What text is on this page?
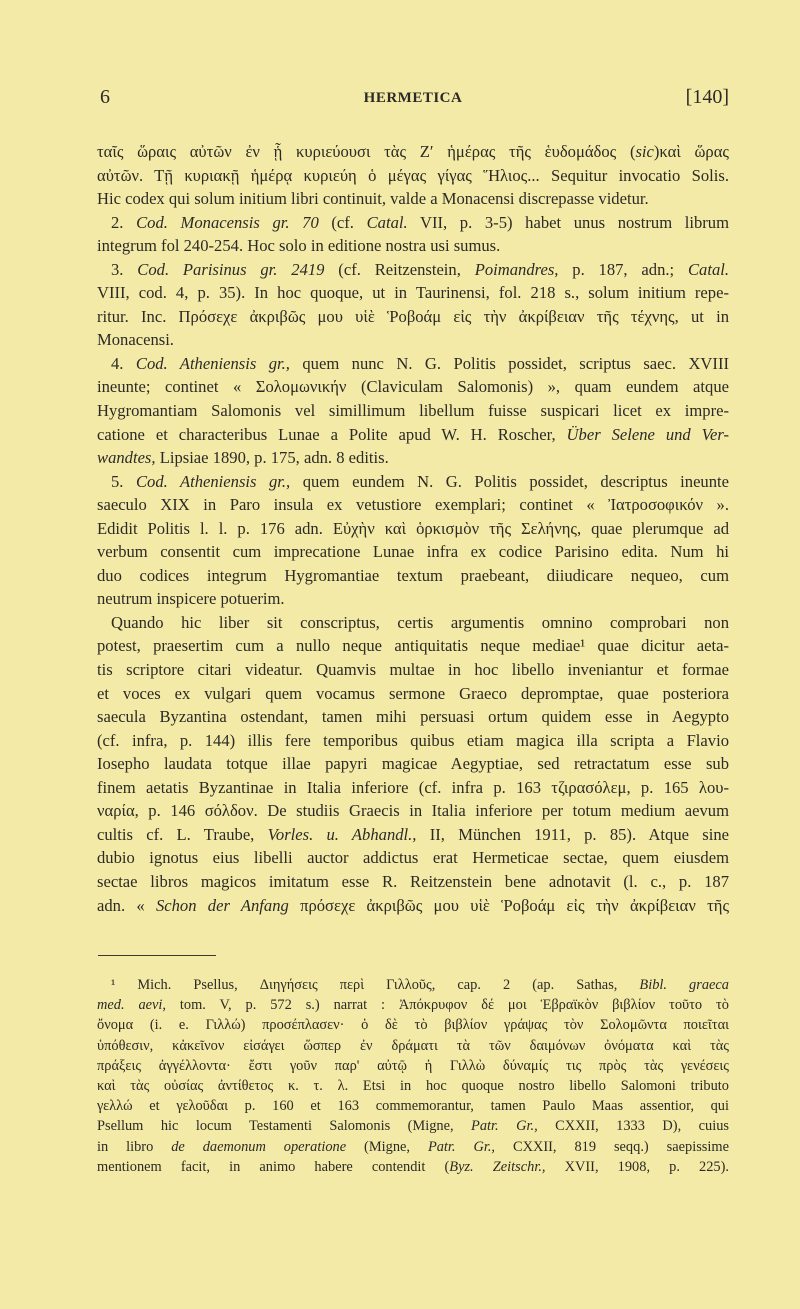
6	HERMETICA	[140]
ταῖς ὥραις αὐτῶν ἐν ᾗ κυριεύουσι τὰς Ζ′ ἡμέρας τῆς ἑυδομάδος (sic)καὶ ὥρας
αὐτῶν. Τῇ κυριακῇ ἡμέρᾳ κυριεύη ὁ μέγας γίγας Ἥλιος... Sequitur invocatio Solis.
Hic codex qui solum initium libri continuit, valde a Monacensi discrepasse videtur.
2. Cod. Monacensis gr. 70 (cf. Catal. VII, p. 3-5) habet unus nostrum librum
integrum fol 240-254. Hoc solo in editione nostra usi sumus.
3. Cod. Parisinus gr. 2419 (cf. Reitzenstein, Poimandres, p. 187, adn.; Catal.
VIII, cod. 4, p. 35). In hoc quoque, ut in Taurinensi, fol. 218 s., solum initium repe-
ritur. Inc. Πρόσεχε ἀκριβῶς μου υἱὲ Ῥοβοάμ εἰς τὴν ἀκρίβειαν τῆς τέχνης, ut in
Monacensi.
4. Cod. Atheniensis gr., quem nunc N. G. Politis possidet, scriptus saec. XVIII
ineunte; continet « Σολομωνικήν (Claviculam Salomonis) », quam eundem atque
Hygromantiam Salomonis vel simillimum libellum fuisse suspicari licet ex impre-
catione et characteribus Lunae a Polite apud W. H. Roscher, Über Selene und Ver-
wandtes, Lipsiae 1890, p. 175, adn. 8 editis.
5. Cod. Atheniensis gr., quem eundem N. G. Politis possidet, descriptus ineunte
saeculo XIX in Paro insula ex vetustiore exemplari; continet « Ἰατροσοφικόν ».
Edidit Politis l. l. p. 176 adn. Εὐχὴν καὶ ὁρκισμὸν τῆς Σελήνης, quae plerumque ad
verbum consentit cum imprecatione Lunae infra ex codice Parisino edita. Num hi
duo codices integrum Hygromantiae textum praebeant, diiudicare nequeo, cum
neutrum inspicere potuerim.
Quando hic liber sit conscriptus, certis argumentis omnino comprobari non
potest, praesertim cum a nullo neque antiquitatis neque mediae¹ quae dicitur aeta-
tis scriptore citari videatur. Quamvis multae in hoc libello inveniantur et formae
et voces ex vulgari quem vocamus sermone Graeco depromptae, quae posteriora
saecula Byzantina ostendant, tamen mihi persuasi ortum quidem esse in Aegypto
(cf. infra, p. 144) illis fere temporibus quibus etiam magica illa scripta a Flavio
Iosepho laudata totque illae papyri magicae Aegyptiae, sed retractatum esse sub
finem aetatis Byzantinae in Italia inferiore (cf. infra p. 163 τζιρασόλεμ, p. 165 λου-
ναρία, p. 146 σόλδον. De studiis Graecis in Italia inferiore per totum medium aevum
cultis cf. L. Traube, Vorles. u. Abhandl., II, München 1911, p. 85). Atque sine
dubio ignotus eius libelli auctor addictus erat Hermeticae sectae, quem eiusdem
sectae libros magicos imitatum esse R. Reitzenstein bene adnotavit (l. c., p. 187
adn. « Schon der Anfang πρόσεχε ἀκριβῶς μου υἱὲ Ῥοβοάμ εἰς τὴν ἀκρίβειαν τῆς
¹ Mich. Psellus, Διηγήσεις περὶ Γιλλοῦς, cap. 2 (ap. Sathas, Bibl. graeca
med. aevi, tom. V, p. 572 s.) narrat : Ἀπόκρυφον δέ μοι Ἑβραϊκὸν βιβλίον τοῦτο τὸ
ὄνομα (i. e. Γιλλώ) προσέπλασεν· ὁ δὲ τὸ βιβλίον γράψας τὸν Σολομῶντα ποιεῖται
ὑπόθεσιν, κἀκεῖνον εἰσάγει ὥσπερ ἐν δράματι τὰ τῶν δαιμόνων ὀνόματα καὶ τὰς
πράξεις ἀγγέλλοντα· ἔστι γοῦν παρ' αὐτῷ ἡ Γιλλὼ δύναμίς τις πρὸς τὰς γενέσεις
καὶ τὰς οὐσίας ἀντίθετος κ. τ. λ. Etsi in hoc quoque nostro libello Salomoni tributo
γελλώ et γελοῦδαι p. 160 et 163 commemorantur, tamen Paulo Maas assentior, qui
Psellum hic locum Testamenti Salomonis (Migne, Patr. Gr., CXXII, 1333 D), cuius
in libro de daemonum operatione (Migne, Patr. Gr., CXXII, 819 seqq.) saepissime
mentionem facit, in animo habere contendit (Byz. Zeitschr., XVII, 1908, p. 225).
